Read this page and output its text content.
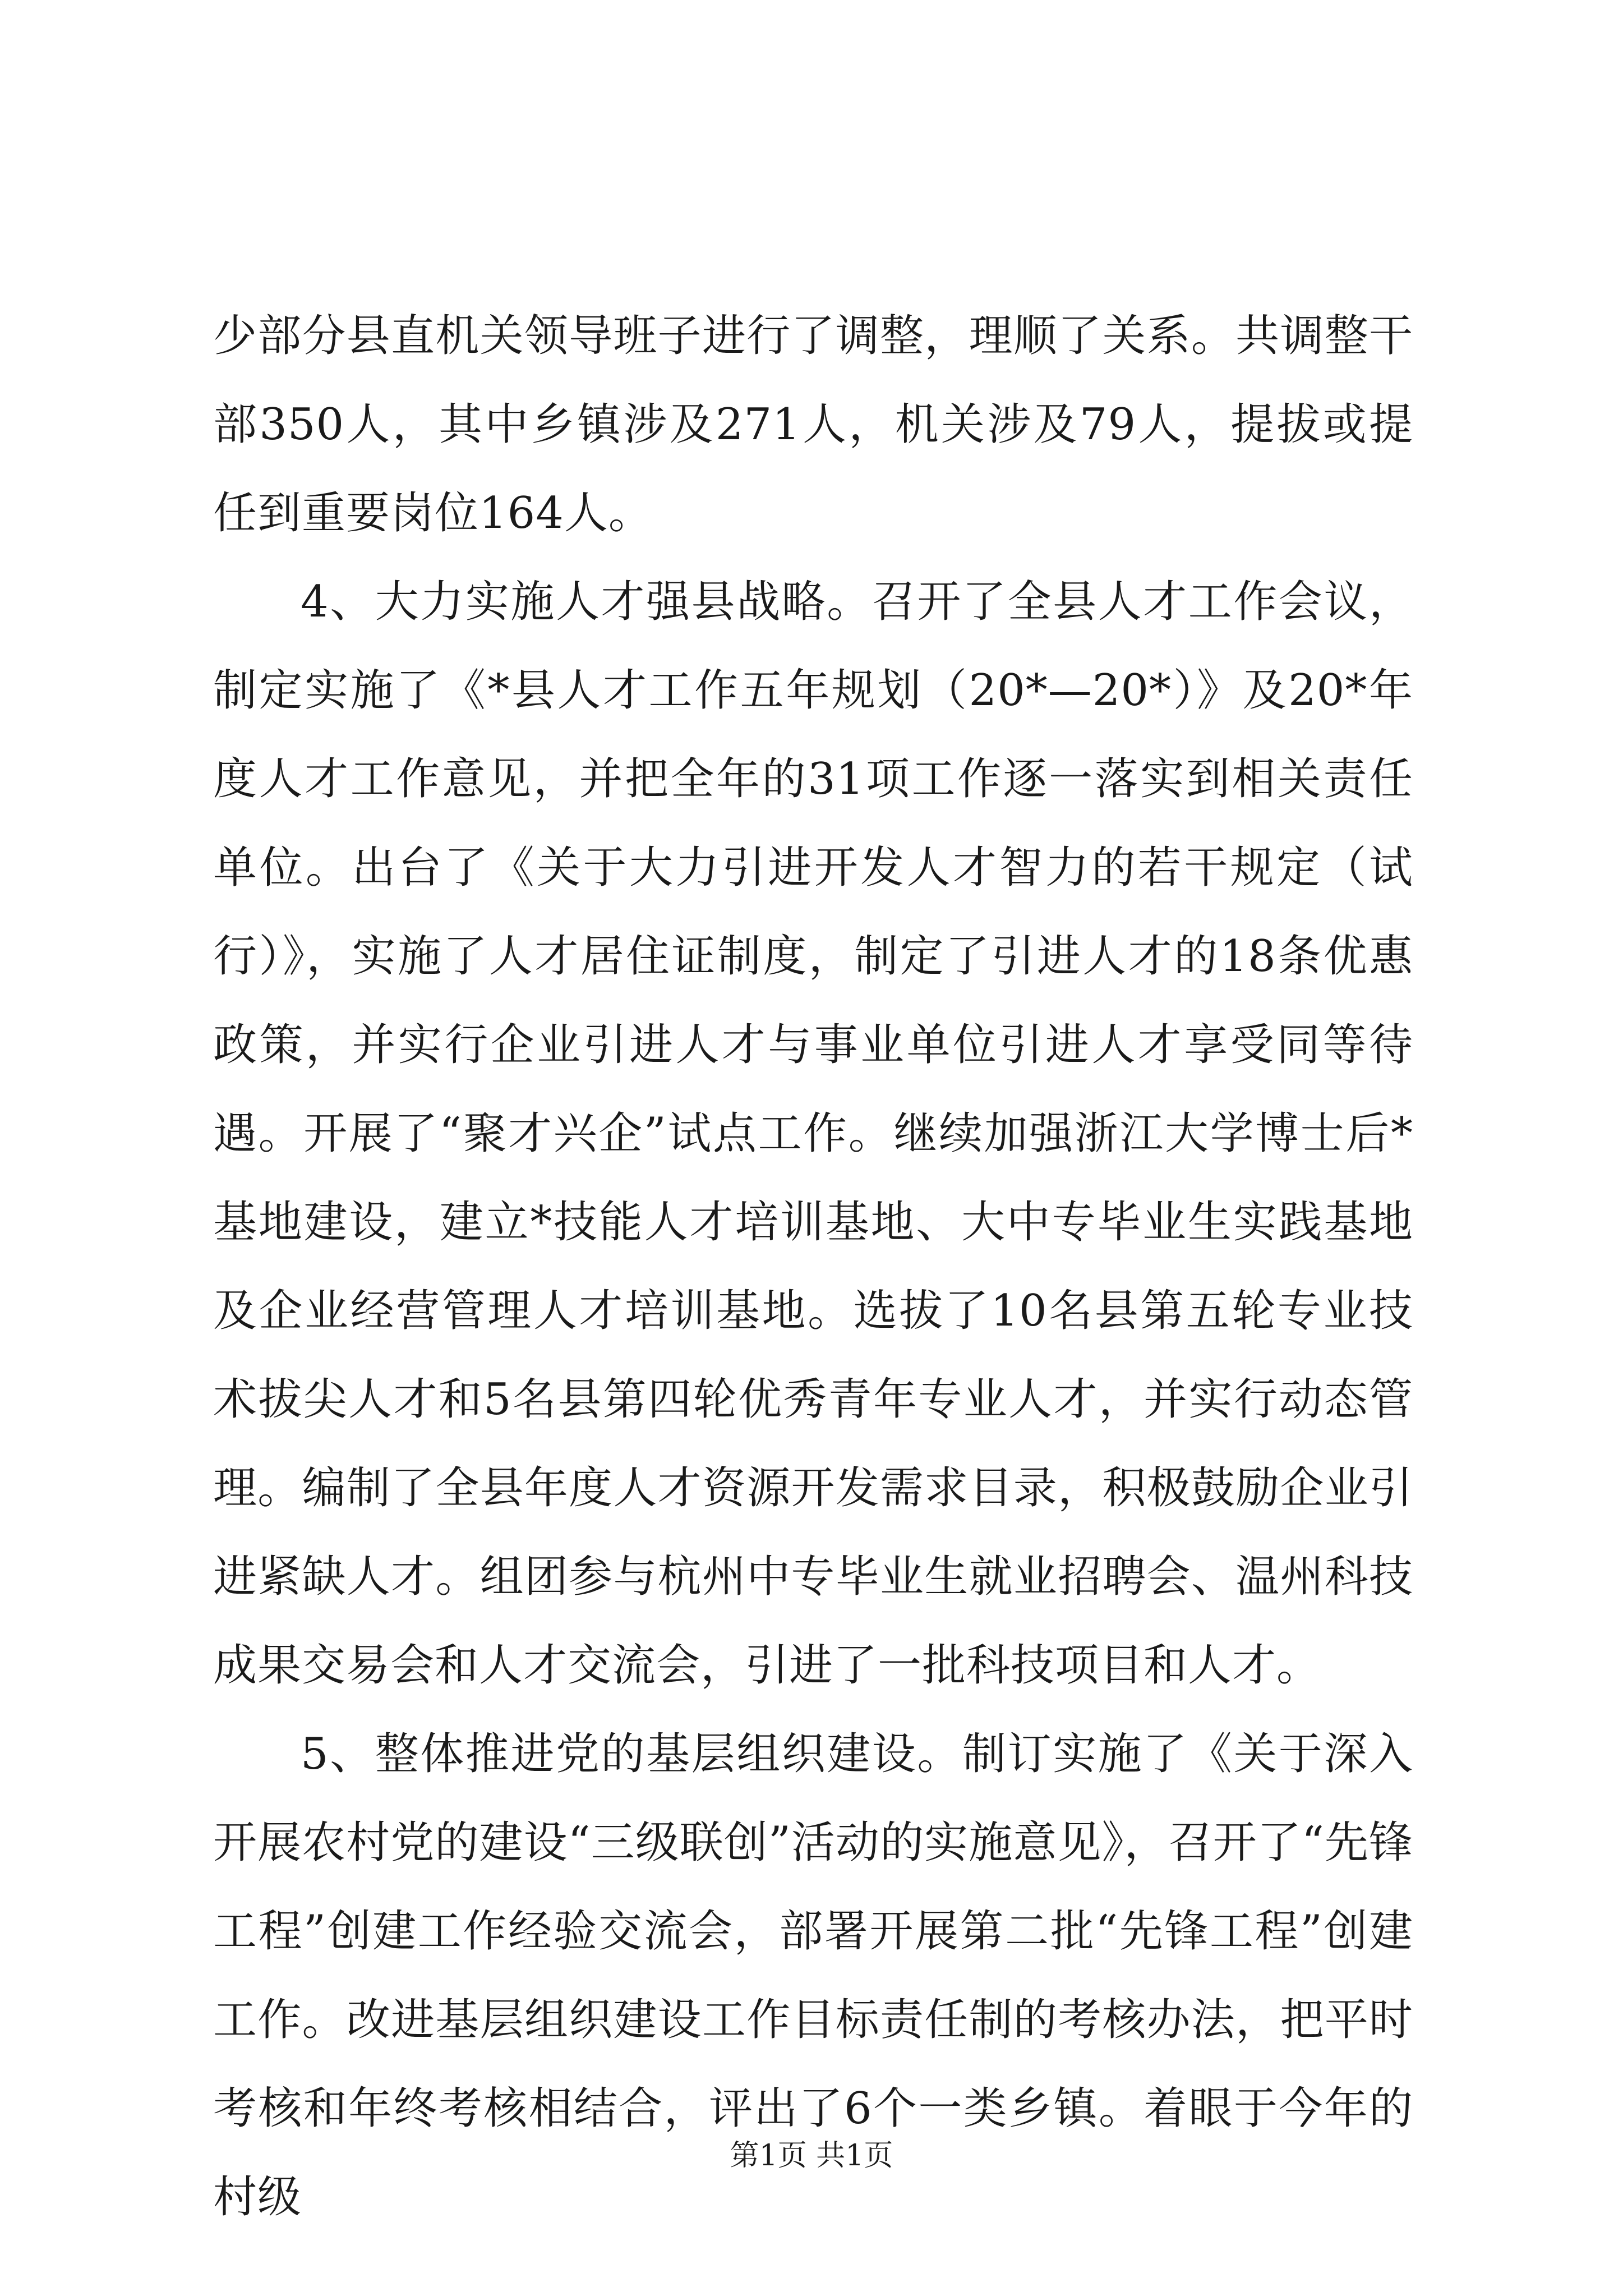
少部分县直机关领导班子进行了调整，理顺了关系。共调整干部350人，其中乡镇涉及271人，机关涉及79人，提拔或提任到重要岗位164人。

4、大力实施人才强县战略。召开了全县人才工作会议，制定实施了《*县人才工作五年规划（20*—20*）》及20*年度人才工作意见，并把全年的31项工作逐一落实到相关责任单位。出台了《关于大力引进开发人才智力的若干规定（试行）》，实施了人才居住证制度，制定了引进人才的18条优惠政策，并实行企业引进人才与事业单位引进人才享受同等待遇。开展了“聚才兴企”试点工作。继续加强浙江大学博士后*基地建设，建立*技能人才培训基地、大中专毕业生实践基地及企业经营管理人才培训基地。选拔了10名县第五轮专业技术拔尖人才和5名县第四轮优秀青年专业人才，并实行动态管理。编制了全县年度人才资源开发需求目录，积极鼓励企业引进紧缺人才。组团参与杭州中专毕业生就业招聘会、温州科技成果交易会和人才交流会，引进了一批科技项目和人才。

5、整体推进党的基层组织建设。制订实施了《关于深入开展农村党的建设“三级联创”活动的实施意见》，召开了“先锋工程”创建工作经验交流会，部署开展第二批“先锋工程”创建工作。改进基层组织建设工作目标责任制的考核办法，把平时考核和年终考核相结合，评出了6个一类乡镇。着眼于今年的村级

第1页 共1页
